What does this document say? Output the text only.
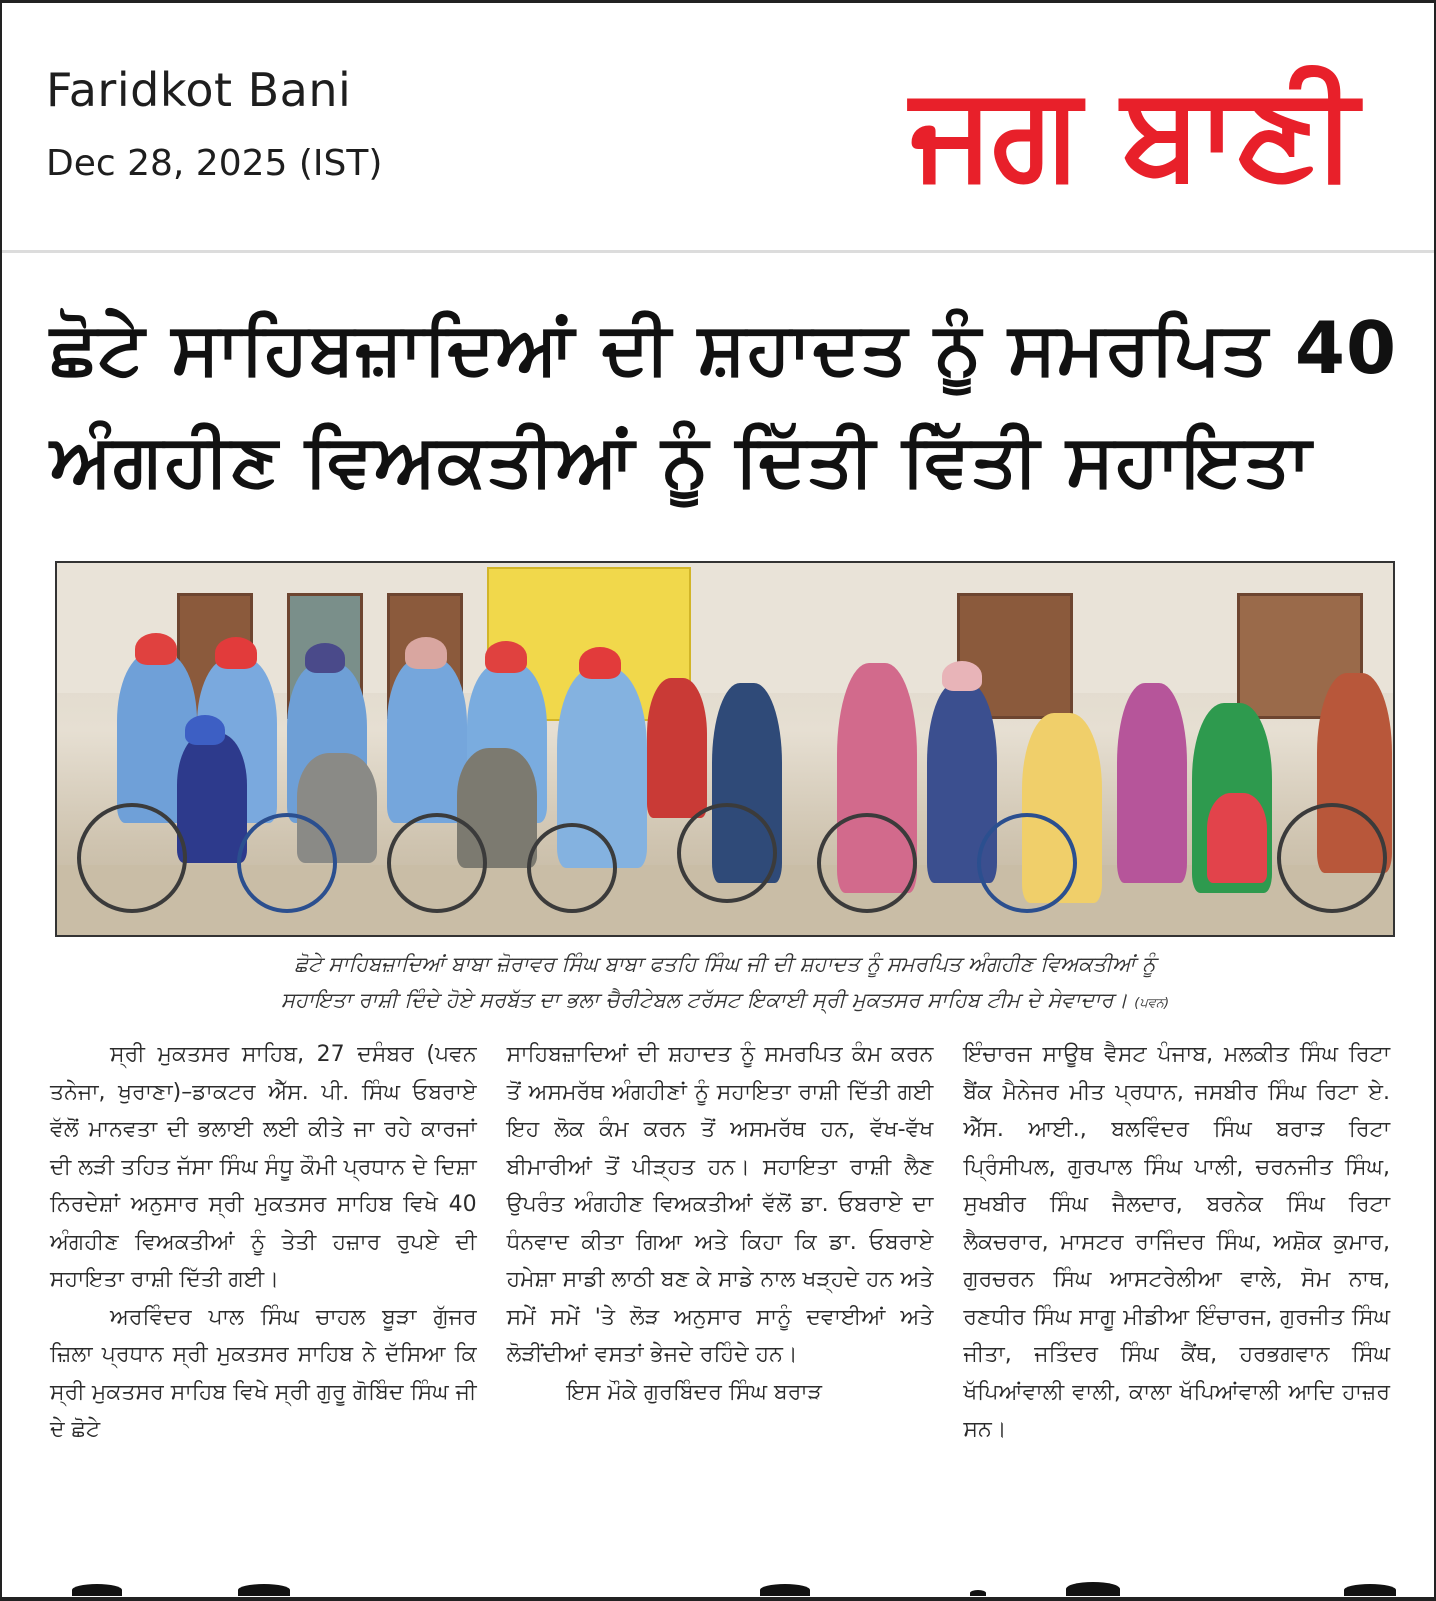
Faridkot Bani
Dec 28, 2025 (IST)	ਜਗ ਬਾਣੀ
ਛੋਟੇ ਸਾਹਿਬਜ਼ਾਦਿਆਂ ਦੀ ਸ਼ਹਾਦਤ ਨੂੰ ਸਮਰਪਿਤ 40
ਅੰਗਹੀਣ ਵਿਅਕਤੀਆਂ ਨੂੰ ਦਿੱਤੀ ਵਿੱਤੀ ਸਹਾਇਤਾ
ਛੋਟੇ ਸਾਹਿਬਜ਼ਾਦਿਆਂ ਬਾਬਾ ਜ਼ੋਰਾਵਰ ਸਿੰਘ ਬਾਬਾ ਫਤਹਿ ਸਿੰਘ ਜੀ ਦੀ ਸ਼ਹਾਦਤ ਨੂੰ ਸਮਰਪਿਤ ਅੰਗਹੀਣ ਵਿਅਕਤੀਆਂ ਨੂੰ
ਸਹਾਇਤਾ ਰਾਸ਼ੀ ਦਿੰਦੇ ਹੋਏ ਸਰਬੱਤ ਦਾ ਭਲਾ ਚੈਰੀਟੇਬਲ ਟਰੱਸਟ ਇਕਾਈ ਸ੍ਰੀ ਮੁਕਤਸਰ ਸਾਹਿਬ ਟੀਮ ਦੇ ਸੇਵਾਦਾਰ। (ਪਵਨ)

ਸ੍ਰੀ ਮੁਕਤਸਰ ਸਾਹਿਬ, 27 ਦਸੰਬਰ (ਪਵਨ ਤਨੇਜਾ, ਖੁਰਾਣਾ)–ਡਾਕਟਰ ਐੱਸ. ਪੀ. ਸਿੰਘ ਓਬਰਾਏ ਵੱਲੋਂ ਮਾਨਵਤਾ ਦੀ ਭਲਾਈ ਲਈ ਕੀਤੇ ਜਾ ਰਹੇ ਕਾਰਜਾਂ ਦੀ ਲੜੀ ਤਹਿਤ ਜੱਸਾ ਸਿੰਘ ਸੰਧੂ ਕੌਮੀ ਪ੍ਰਧਾਨ ਦੇ ਦਿਸ਼ਾ ਨਿਰਦੇਸ਼ਾਂ ਅਨੁਸਾਰ ਸ੍ਰੀ ਮੁਕਤਸਰ ਸਾਹਿਬ ਵਿਖੇ 40 ਅੰਗਹੀਣ ਵਿਅਕਤੀਆਂ ਨੂੰ ਤੇਤੀ ਹਜ਼ਾਰ ਰੁਪਏ ਦੀ ਸਹਾਇਤਾ ਰਾਸ਼ੀ ਦਿੱਤੀ ਗਈ।

ਅਰਵਿੰਦਰ ਪਾਲ ਸਿੰਘ ਚਾਹਲ ਬੂੜਾ ਗੁੱਜਰ ਜ਼ਿਲਾ ਪ੍ਰਧਾਨ ਸ੍ਰੀ ਮੁਕਤਸਰ ਸਾਹਿਬ ਨੇ ਦੱਸਿਆ ਕਿ ਸ੍ਰੀ ਮੁਕਤਸਰ ਸਾਹਿਬ ਵਿਖੇ ਸ੍ਰੀ ਗੁਰੂ ਗੋਬਿੰਦ ਸਿੰਘ ਜੀ ਦੇ ਛੋਟੇ

ਸਾਹਿਬਜ਼ਾਦਿਆਂ ਦੀ ਸ਼ਹਾਦਤ ਨੂੰ ਸਮਰਪਿਤ ਕੰਮ ਕਰਨ ਤੋਂ ਅਸਮਰੱਥ ਅੰਗਹੀਣਾਂ ਨੂੰ ਸਹਾਇਤਾ ਰਾਸ਼ੀ ਦਿੱਤੀ ਗਈ ਇਹ ਲੋਕ ਕੰਮ ਕਰਨ ਤੋਂ ਅਸਮਰੱਥ ਹਨ, ਵੱਖ-ਵੱਖ ਬੀਮਾਰੀਆਂ ਤੋਂ ਪੀੜ੍ਹਤ ਹਨ। ਸਹਾਇਤਾ ਰਾਸ਼ੀ ਲੈਣ ਉਪਰੰਤ ਅੰਗਹੀਣ ਵਿਅਕਤੀਆਂ ਵੱਲੋਂ ਡਾ. ਓਬਰਾਏ ਦਾ ਧੰਨਵਾਦ ਕੀਤਾ ਗਿਆ ਅਤੇ ਕਿਹਾ ਕਿ ਡਾ. ਓਬਰਾਏ ਹਮੇਸ਼ਾ ਸਾਡੀ ਲਾਠੀ ਬਣ ਕੇ ਸਾਡੇ ਨਾਲ ਖੜ੍ਹਦੇ ਹਨ ਅਤੇ ਸਮੇਂ ਸਮੇਂ 'ਤੇ ਲੋੜ ਅਨੁਸਾਰ ਸਾਨੂੰ ਦਵਾਈਆਂ ਅਤੇ ਲੋੜੀਂਦੀਆਂ ਵਸਤਾਂ ਭੇਜਦੇ ਰਹਿੰਦੇ ਹਨ।

ਇਸ ਮੌਕੇ ਗੁਰਬਿੰਦਰ ਸਿੰਘ ਬਰਾੜ

ਇੰਚਾਰਜ ਸਾਊਥ ਵੈਸਟ ਪੰਜਾਬ, ਮਲਕੀਤ ਸਿੰਘ ਰਿਟਾ ਬੈਂਕ ਮੈਨੇਜਰ ਮੀਤ ਪ੍ਰਧਾਨ, ਜਸਬੀਰ ਸਿੰਘ ਰਿਟਾ ਏ. ਐੱਸ. ਆਈ., ਬਲਵਿੰਦਰ ਸਿੰਘ ਬਰਾੜ ਰਿਟਾ ਪ੍ਰਿੰਸੀਪਲ, ਗੁਰਪਾਲ ਸਿੰਘ ਪਾਲੀ, ਚਰਨਜੀਤ ਸਿੰਘ, ਸੁਖਬੀਰ ਸਿੰਘ ਜੈਲਦਾਰ, ਬਰਨੇਕ ਸਿੰਘ ਰਿਟਾ ਲੈਕਚਰਾਰ, ਮਾਸਟਰ ਰਾਜਿੰਦਰ ਸਿੰਘ, ਅਸ਼ੋਕ ਕੁਮਾਰ, ਗੁਰਚਰਨ ਸਿੰਘ ਆਸਟਰੇਲੀਆ ਵਾਲੇ, ਸੋਮ ਨਾਥ, ਰਣਧੀਰ ਸਿੰਘ ਸਾਗੂ ਮੀਡੀਆ ਇੰਚਾਰਜ, ਗੁਰਜੀਤ ਸਿੰਘ ਜੀਤਾ, ਜਤਿੰਦਰ ਸਿੰਘ ਕੈਂਥ, ਹਰਭਗਵਾਨ ਸਿੰਘ ਖੱਪਿਆਂਵਾਲੀ ਵਾਲੀ, ਕਾਲਾ ਖੱਪਿਆਂਵਾਲੀ ਆਦਿ ਹਾਜ਼ਰ ਸਨ।
